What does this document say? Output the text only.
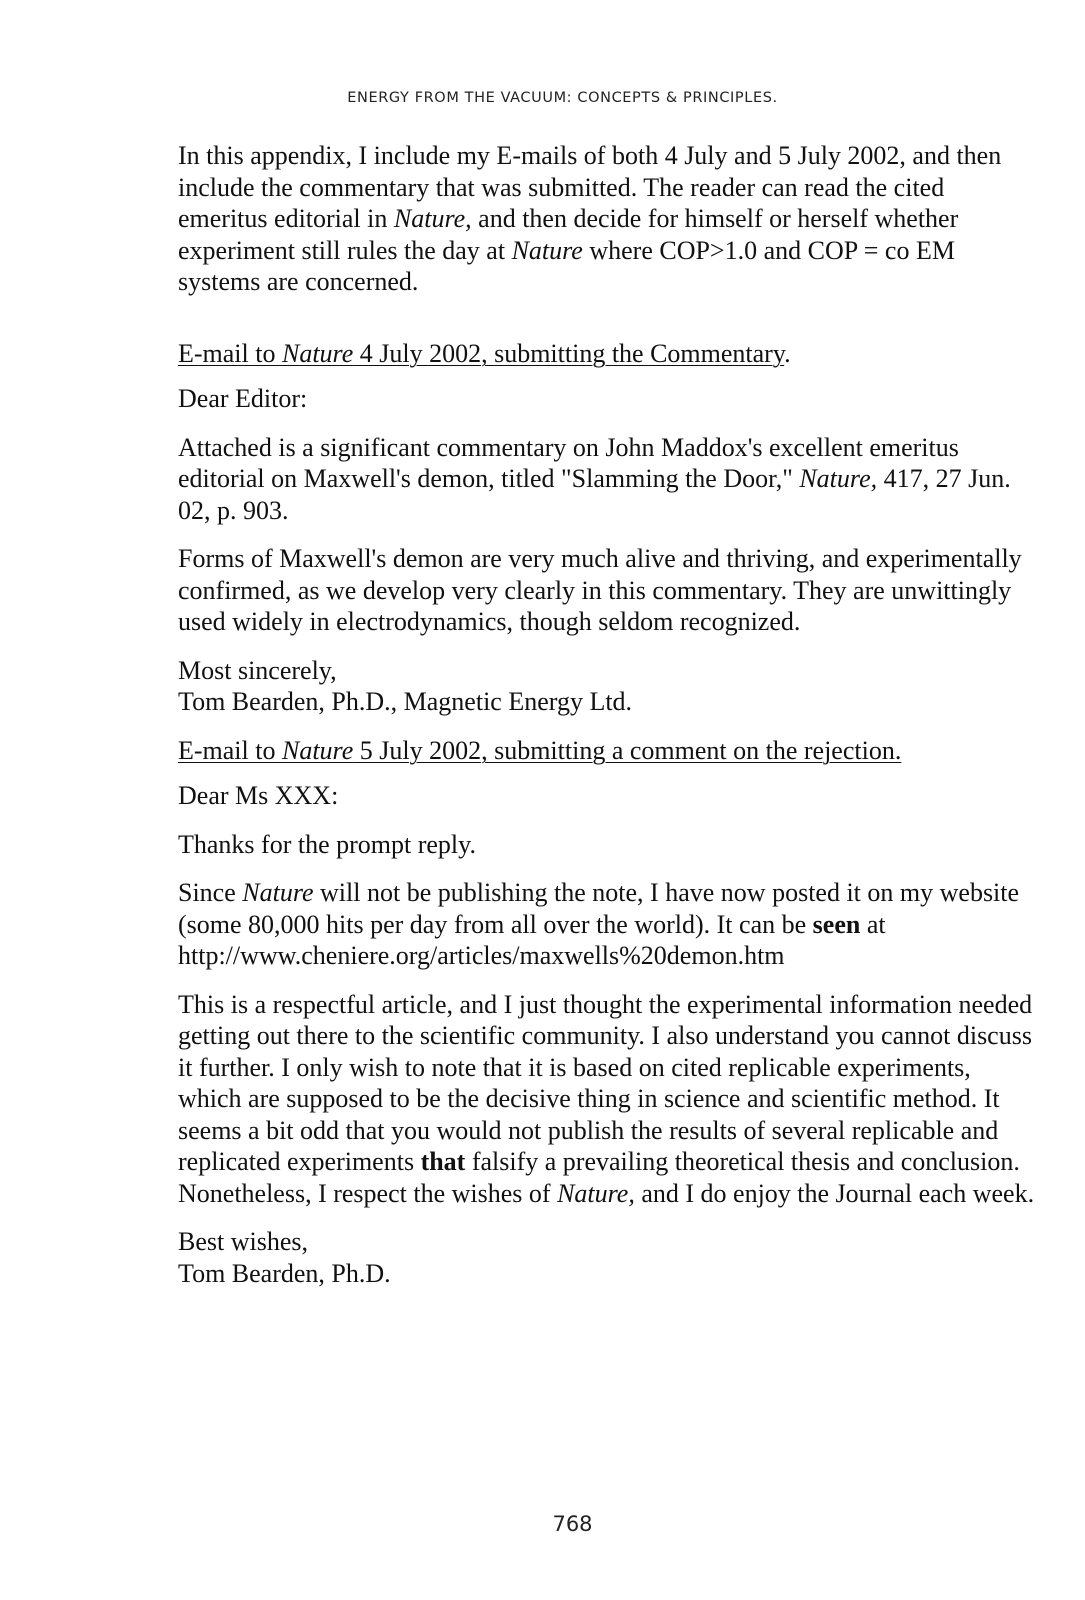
ENERGY FROM THE VACUUM: CONCEPTS & PRINCIPLES.

In this appendix, I include my E-mails of both 4 July and 5 July 2002, and then include the commentary that was submitted. The reader can read the cited emeritus editorial in Nature, and then decide for himself or herself whether experiment still rules the day at Nature where COP>1.0 and COP = co EM systems are concerned.

E-mail to Nature 4 July 2002, submitting the Commentary.

Dear Editor:

Attached is a significant commentary on John Maddox's excellent emeritus editorial on Maxwell's demon, titled "Slamming the Door," Nature, 417, 27 Jun. 02, p. 903.

Forms of Maxwell's demon are very much alive and thriving, and experimentally confirmed, as we develop very clearly in this commentary. They are unwittingly used widely in electrodynamics, though seldom recognized.

Most sincerely,
Tom Bearden, Ph.D., Magnetic Energy Ltd.

E-mail to Nature 5 July 2002, submitting a comment on the rejection.

Dear Ms XXX:

Thanks for the prompt reply.

Since Nature will not be publishing the note, I have now posted it on my website (some 80,000 hits per day from all over the world). It can be seen at http://www.cheniere.org/articles/maxwells%20demon.htm

This is a respectful article, and I just thought the experimental information needed getting out there to the scientific community. I also understand you cannot discuss it further. I only wish to note that it is based on cited replicable experiments, which are supposed to be the decisive thing in science and scientific method. It seems a bit odd that you would not publish the results of several replicable and replicated experiments that falsify a prevailing theoretical thesis and conclusion. Nonetheless, I respect the wishes of Nature, and I do enjoy the Journal each week.

Best wishes,
Tom Bearden, Ph.D.

768
